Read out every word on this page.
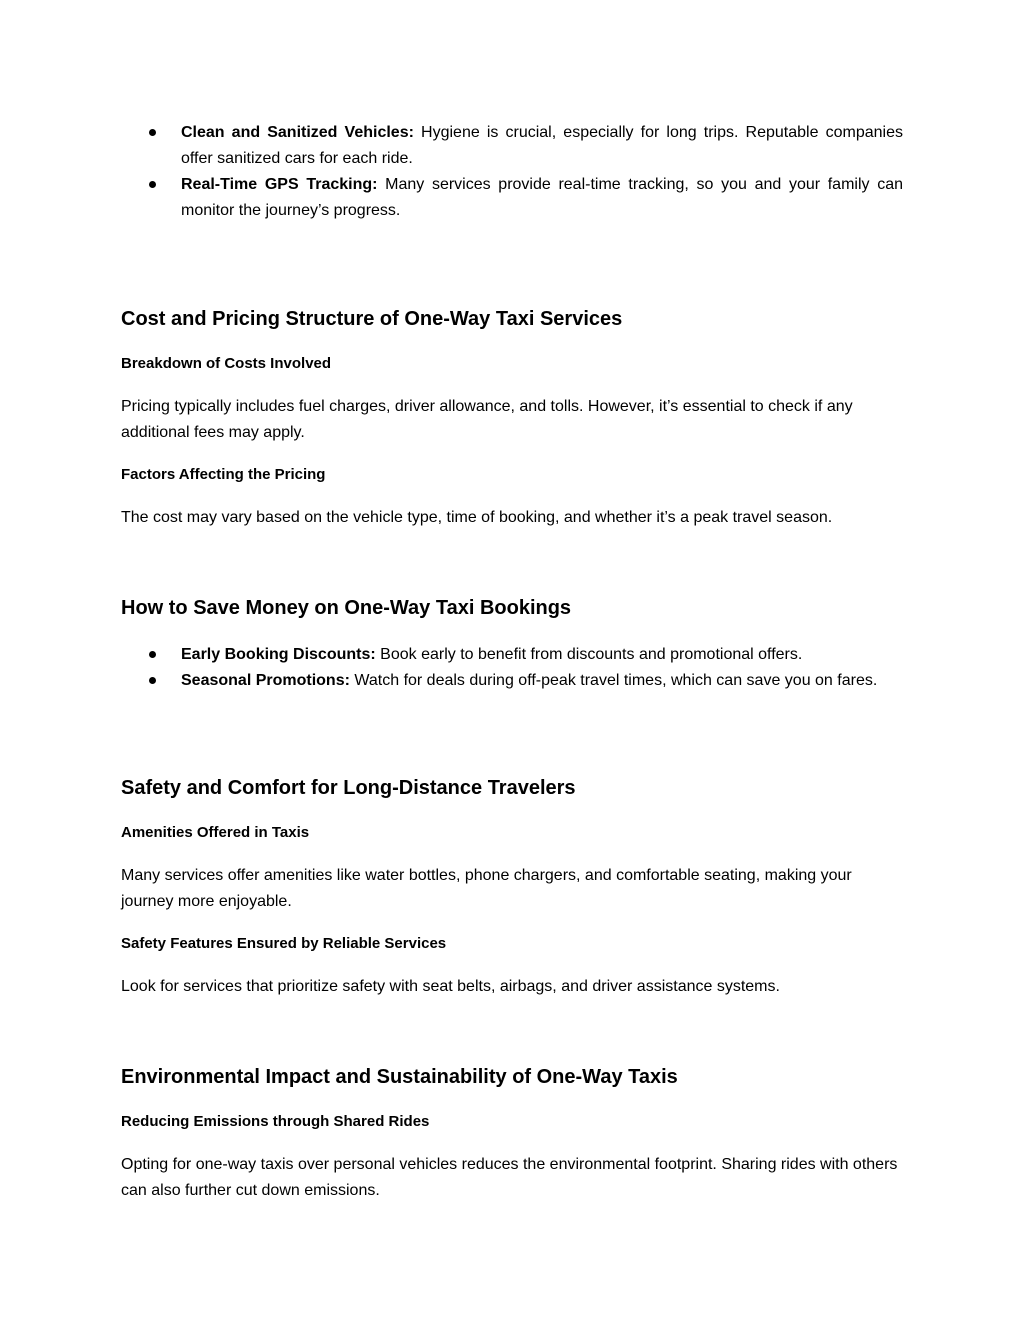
Clean and Sanitized Vehicles: Hygiene is crucial, especially for long trips. Reputable companies offer sanitized cars for each ride.
Real-Time GPS Tracking: Many services provide real-time tracking, so you and your family can monitor the journey’s progress.
Cost and Pricing Structure of One-Way Taxi Services
Breakdown of Costs Involved

Pricing typically includes fuel charges, driver allowance, and tolls. However, it’s essential to check if any additional fees may apply.

Factors Affecting the Pricing

The cost may vary based on the vehicle type, time of booking, and whether it’s a peak travel season.

How to Save Money on One-Way Taxi Bookings
Early Booking Discounts: Book early to benefit from discounts and promotional offers.
Seasonal Promotions: Watch for deals during off-peak travel times, which can save you on fares.
Safety and Comfort for Long-Distance Travelers
Amenities Offered in Taxis

Many services offer amenities like water bottles, phone chargers, and comfortable seating, making your journey more enjoyable.

Safety Features Ensured by Reliable Services

Look for services that prioritize safety with seat belts, airbags, and driver assistance systems.

Environmental Impact and Sustainability of One-Way Taxis
Reducing Emissions through Shared Rides

Opting for one-way taxis over personal vehicles reduces the environmental footprint. Sharing rides with others can also further cut down emissions.
